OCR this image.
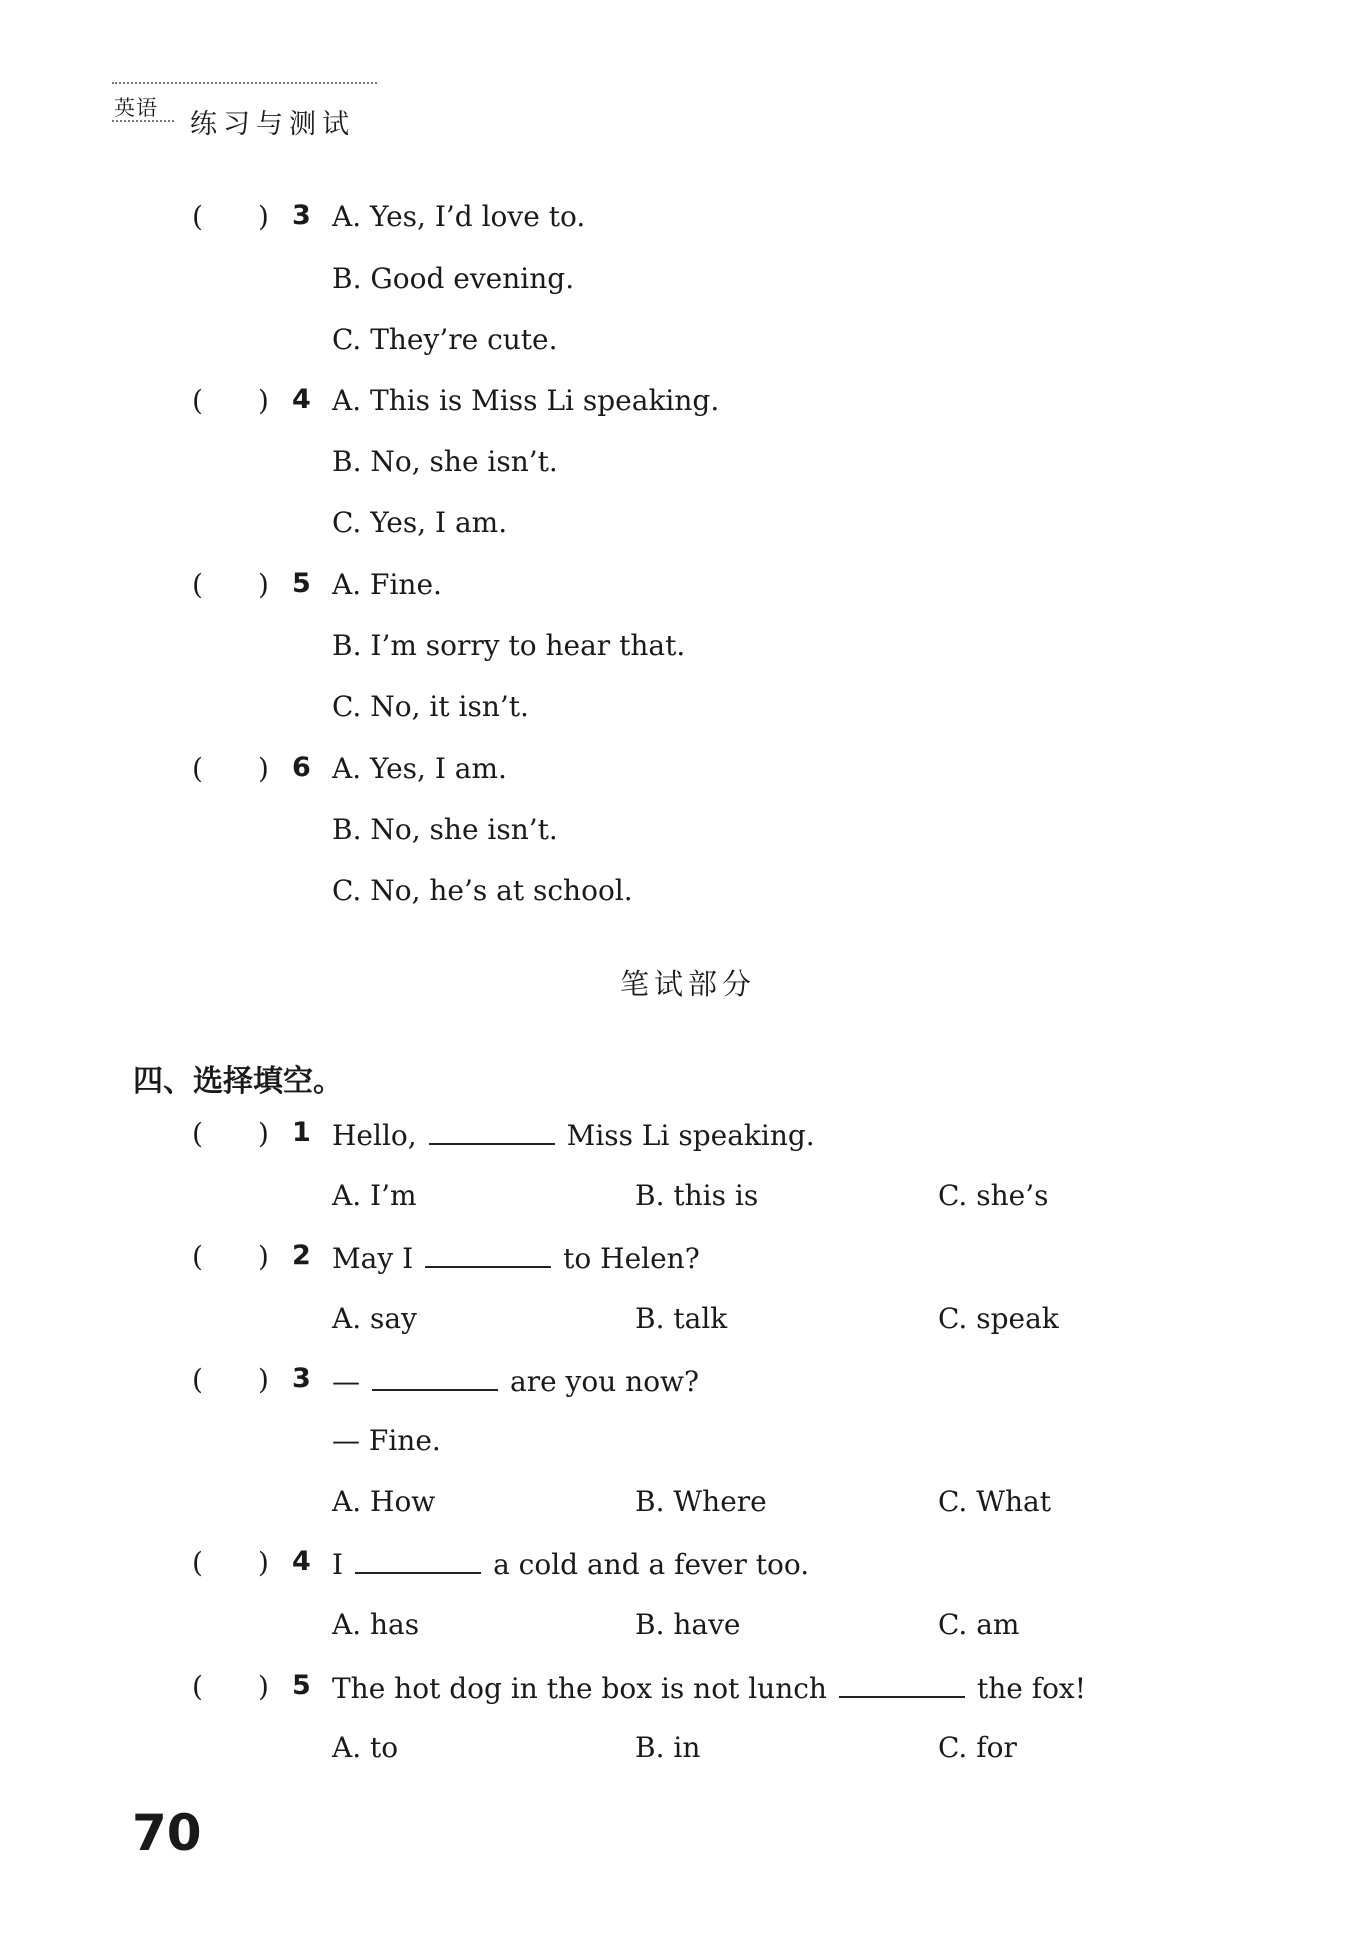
英语
练习与测试
( ) 3 A. Yes, I’d love to.
B. Good evening.
C. They’re cute.
( ) 4 A. This is Miss Li speaking.
B. No, she isn’t.
C. Yes, I am.
( ) 5 A. Fine.
B. I’m sorry to hear that.
C. No, it isn’t.
( ) 6 A. Yes, I am.
B. No, she isn’t.
C. No, he’s at school.
笔试部分
四、选择填空。
( ) 1 Hello,	Miss Li speaking.
A. I’m	B. this is	C. she’s
( ) 2 May I	to Helen?
A. say	B. talk	C. speak
( ) 3 —	are you now?
— Fine.
A. How	B. Where	C. What
( ) 4 I	a cold and a fever too.
A. has	B. have	C. am
( ) 5 The hot dog in the box is not lunch	the fox!
A. to	B. in	C. for
70
